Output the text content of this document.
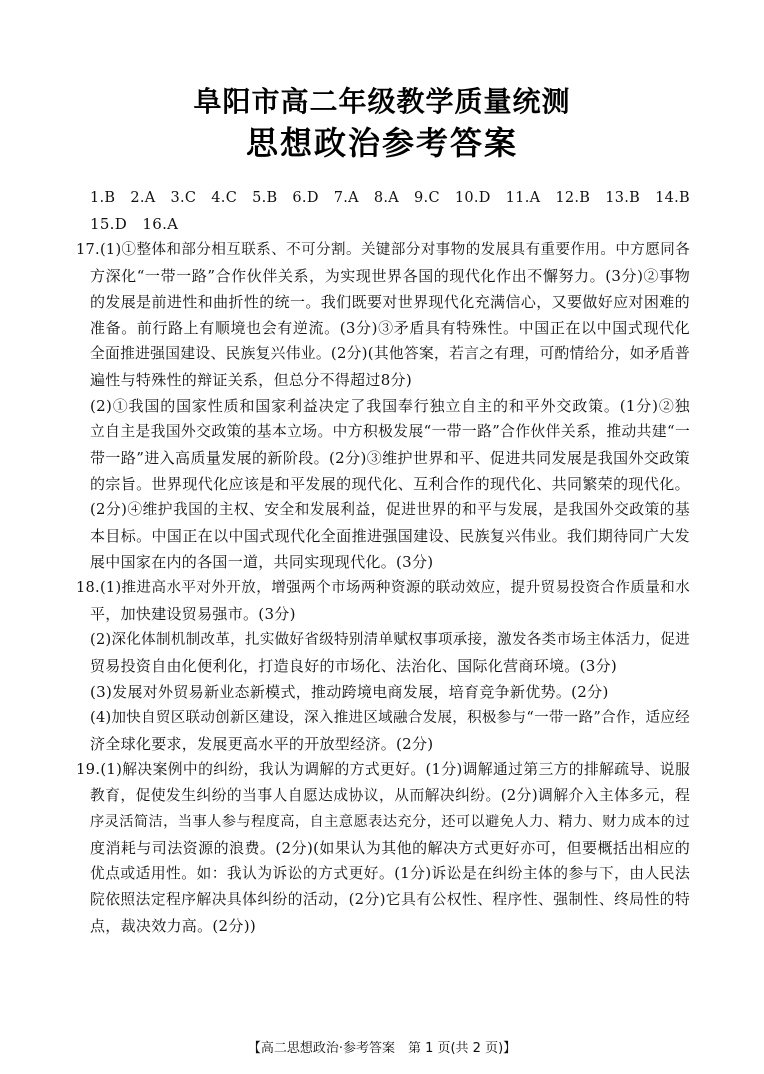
阜阳市高二年级教学质量统测
思想政治参考答案
1.B　2.A　3.C　4.C　5.B　6.D　7.A　8.A　9.C　10.D　11.A　12.B　13.B　14.B
15.D　16.A
17.(1)①整体和部分相互联系、不可分割。关键部分对事物的发展具有重要作用。中方愿同各
方深化“一带一路”合作伙伴关系，为实现世界各国的现代化作出不懈努力。(3分)②事物
的发展是前进性和曲折性的统一。我们既要对世界现代化充满信心，又要做好应对困难的
准备。前行路上有顺境也会有逆流。(3分)③矛盾具有特殊性。中国正在以中国式现代化
全面推进强国建设、民族复兴伟业。(2分)(其他答案，若言之有理，可酌情给分，如矛盾普
遍性与特殊性的辩证关系，但总分不得超过8分)
(2)①我国的国家性质和国家利益决定了我国奉行独立自主的和平外交政策。(1分)②独
立自主是我国外交政策的基本立场。中方积极发展“一带一路”合作伙伴关系，推动共建“一
带一路”进入高质量发展的新阶段。(2分)③维护世界和平、促进共同发展是我国外交政策
的宗旨。世界现代化应该是和平发展的现代化、互利合作的现代化、共同繁荣的现代化。
(2分)④维护我国的主权、安全和发展利益，促进世界的和平与发展，是我国外交政策的基
本目标。中国正在以中国式现代化全面推进强国建设、民族复兴伟业。我们期待同广大发
展中国家在内的各国一道，共同实现现代化。(3分)
18.(1)推进高水平对外开放，增强两个市场两种资源的联动效应，提升贸易投资合作质量和水
平，加快建设贸易强市。(3分)
(2)深化体制机制改革，扎实做好省级特别清单赋权事项承接，激发各类市场主体活力，促进
贸易投资自由化便利化，打造良好的市场化、法治化、国际化营商环境。(3分)
(3)发展对外贸易新业态新模式，推动跨境电商发展，培育竞争新优势。(2分)
(4)加快自贸区联动创新区建设，深入推进区域融合发展，积极参与“一带一路”合作，适应经
济全球化要求，发展更高水平的开放型经济。(2分)
19.(1)解决案例中的纠纷，我认为调解的方式更好。(1分)调解通过第三方的排解疏导、说服
教育，促使发生纠纷的当事人自愿达成协议，从而解决纠纷。(2分)调解介入主体多元，程
序灵活简洁，当事人参与程度高，自主意愿表达充分，还可以避免人力、精力、财力成本的过
度消耗与司法资源的浪费。(2分)(如果认为其他的解决方式更好亦可，但要概括出相应的
优点或适用性。如：我认为诉讼的方式更好。(1分)诉讼是在纠纷主体的参与下，由人民法
院依照法定程序解决具体纠纷的活动，(2分)它具有公权性、程序性、强制性、终局性的特
点，裁决效力高。(2分))
【高二思想政治·参考答案　第 1 页(共 2 页)】
